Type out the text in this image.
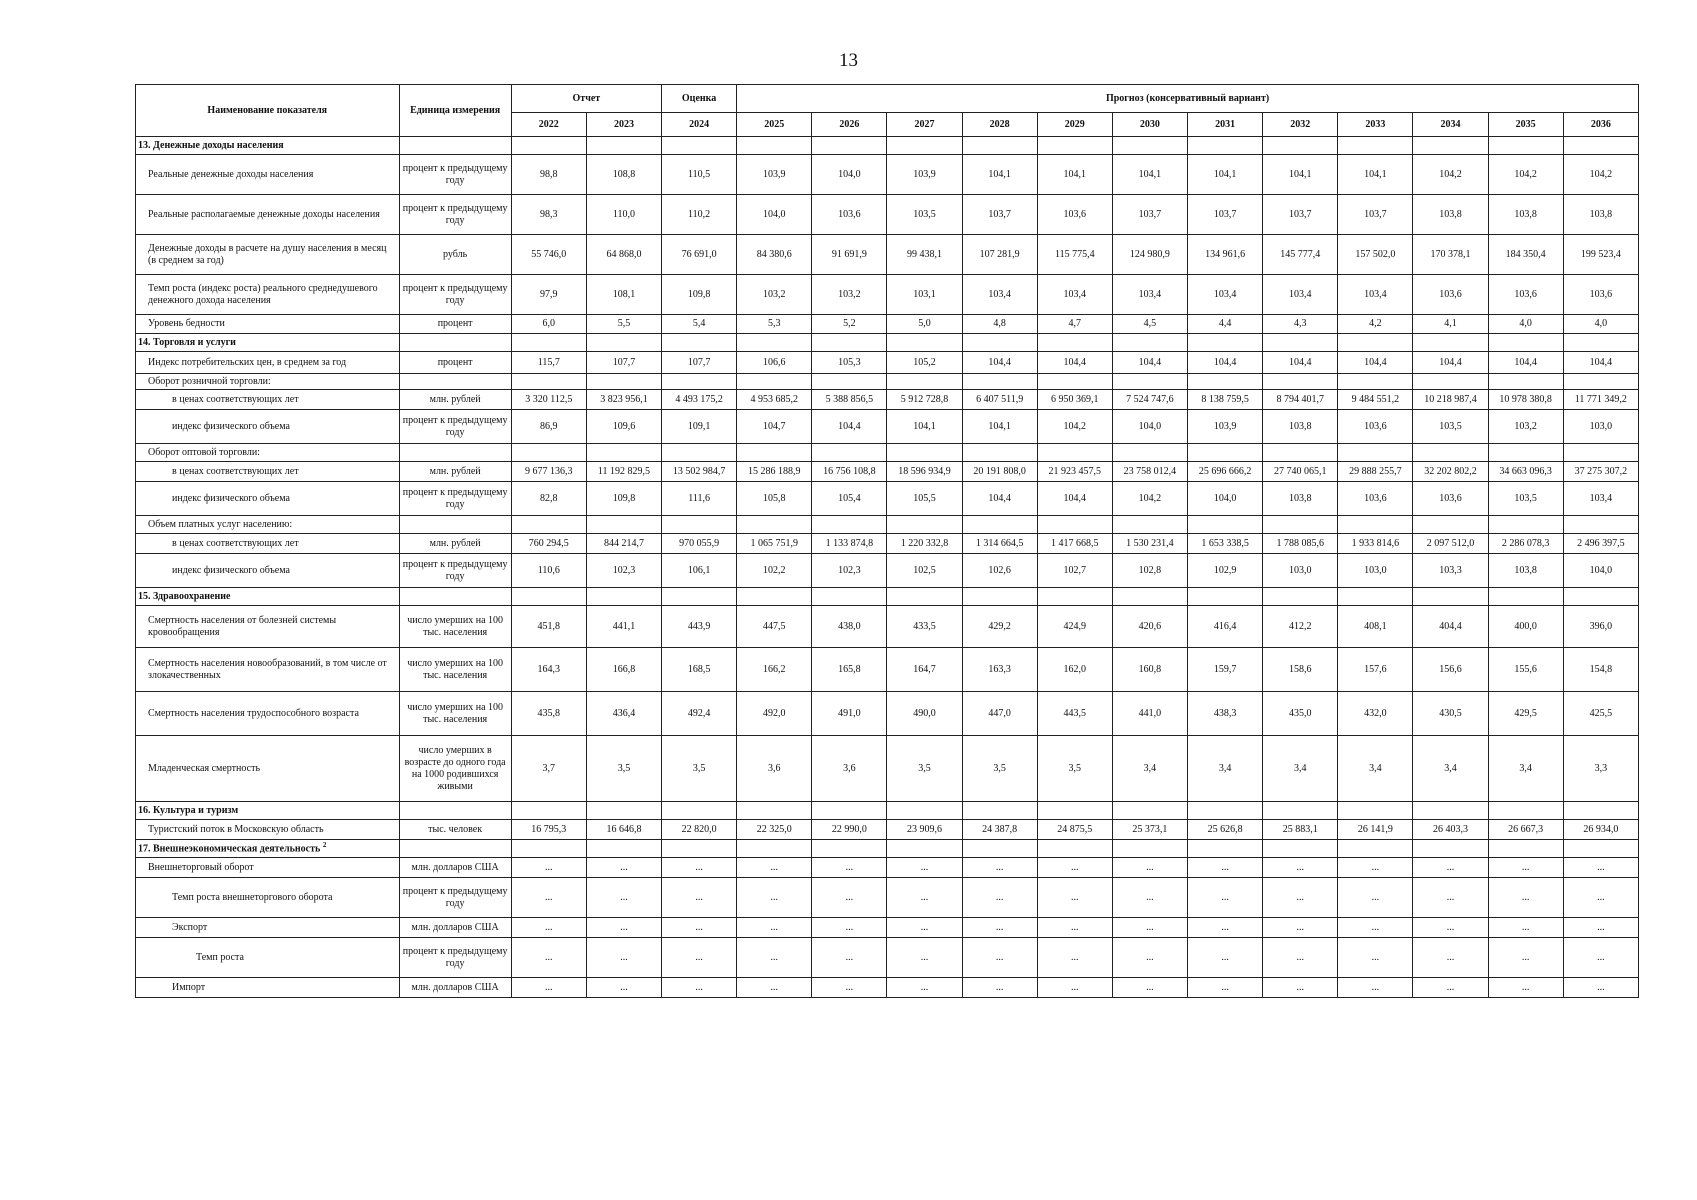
13
Наименование показателя	Единица измерения	Отчет		Оценка	Прогноз (консервативный вариант)											
		2022	2023	2024	2025	2026	2027	2028	2029	2030	2031	2032	2033	2034	2035	2036
13. Денежные доходы населения																
Реальные денежные доходы населения	процент к предыдущему году	98,8	108,8	110,5	103,9	104,0	103,9	104,1	104,1	104,1	104,1	104,1	104,1	104,2	104,2	104,2
Реальные располагаемые денежные доходы населения	процент к предыдущему году	98,3	110,0	110,2	104,0	103,6	103,5	103,7	103,6	103,7	103,7	103,7	103,7	103,8	103,8	103,8
Денежные доходы в расчете на душу населения в месяц (в среднем за год)	рубль	55 746,0	64 868,0	76 691,0	84 380,6	91 691,9	99 438,1	107 281,9	115 775,4	124 980,9	134 961,6	145 777,4	157 502,0	170 378,1	184 350,4	199 523,4
Темп роста (индекс роста) реального среднедушевого денежного дохода населения	процент к предыдущему году	97,9	108,1	109,8	103,2	103,2	103,1	103,4	103,4	103,4	103,4	103,4	103,4	103,6	103,6	103,6
Уровень бедности	процент	6,0	5,5	5,4	5,3	5,2	5,0	4,8	4,7	4,5	4,4	4,3	4,2	4,1	4,0	4,0
14. Торговля и услуги																
Индекс потребительских цен, в среднем за год	процент	115,7	107,7	107,7	106,6	105,3	105,2	104,4	104,4	104,4	104,4	104,4	104,4	104,4	104,4	104,4
Оборот розничной торговли:																
в ценах соответствующих лет	млн. рублей	3 320 112,5	3 823 956,1	4 493 175,2	4 953 685,2	5 388 856,5	5 912 728,8	6 407 511,9	6 950 369,1	7 524 747,6	8 138 759,5	8 794 401,7	9 484 551,2	10 218 987,4	10 978 380,8	11 771 349,2
индекс физического объема	процент к предыдущему году	86,9	109,6	109,1	104,7	104,4	104,1	104,1	104,2	104,0	103,9	103,8	103,6	103,5	103,2	103,0
Оборот оптовой торговли:																
в ценах соответствующих лет	млн. рублей	9 677 136,3	11 192 829,5	13 502 984,7	15 286 188,9	16 756 108,8	18 596 934,9	20 191 808,0	21 923 457,5	23 758 012,4	25 696 666,2	27 740 065,1	29 888 255,7	32 202 802,2	34 663 096,3	37 275 307,2
индекс физического объема	процент к предыдущему году	82,8	109,8	111,6	105,8	105,4	105,5	104,4	104,4	104,2	104,0	103,8	103,6	103,6	103,5	103,4
Объем платных услуг населению:																
в ценах соответствующих лет	млн. рублей	760 294,5	844 214,7	970 055,9	1 065 751,9	1 133 874,8	1 220 332,8	1 314 664,5	1 417 668,5	1 530 231,4	1 653 338,5	1 788 085,6	1 933 814,6	2 097 512,0	2 286 078,3	2 496 397,5
индекс физического объема	процент к предыдущему году	110,6	102,3	106,1	102,2	102,3	102,5	102,6	102,7	102,8	102,9	103,0	103,0	103,3	103,8	104,0
15. Здравоохранение																
Смертность населения от болезней системы кровообращения	число умерших на 100 тыс. населения	451,8	441,1	443,9	447,5	438,0	433,5	429,2	424,9	420,6	416,4	412,2	408,1	404,4	400,0	396,0
Смертность населения новообразований, в том числе от злокачественных	число умерших на 100 тыс. населения	164,3	166,8	168,5	166,2	165,8	164,7	163,3	162,0	160,8	159,7	158,6	157,6	156,6	155,6	154,8
Смертность населения трудоспособного возраста	число умерших на 100 тыс. населения	435,8	436,4	492,4	492,0	491,0	490,0	447,0	443,5	441,0	438,3	435,0	432,0	430,5	429,5	425,5
Младенческая смертность	число умерших в возрасте до одного года на 1000 родившихся живыми	3,7	3,5	3,5	3,6	3,6	3,5	3,5	3,5	3,4	3,4	3,4	3,4	3,4	3,4	3,3
16. Культура и туризм																
Туристский поток в Московскую область	тыс. человек	16 795,3	16 646,8	22 820,0	22 325,0	22 990,0	23 909,6	24 387,8	24 875,5	25 373,1	25 626,8	25 883,1	26 141,9	26 403,3	26 667,3	26 934,0
17. Внешнеэкономическая деятельность $^2$																
Внешнеторговый оборот	млн. долларов США	...	...	...	...	...	...	...	...	...	...	...	...	...	...	...
Темп роста внешнеторгового оборота	процент к предыдущему году	...	...	...	...	...	...	...	...	...	...	...	...	...	...	...
Экспорт	млн. долларов США	...	...	...	...	...	...	...	...	...	...	...	...	...	...	...
Темп роста	процент к предыдущему году	...	...	...	...	...	...	...	...	...	...	...	...	...	...	...
Импорт	млн. долларов США	...	...	...	...	...	...	...	...	...	...	...	...	...	...	...
